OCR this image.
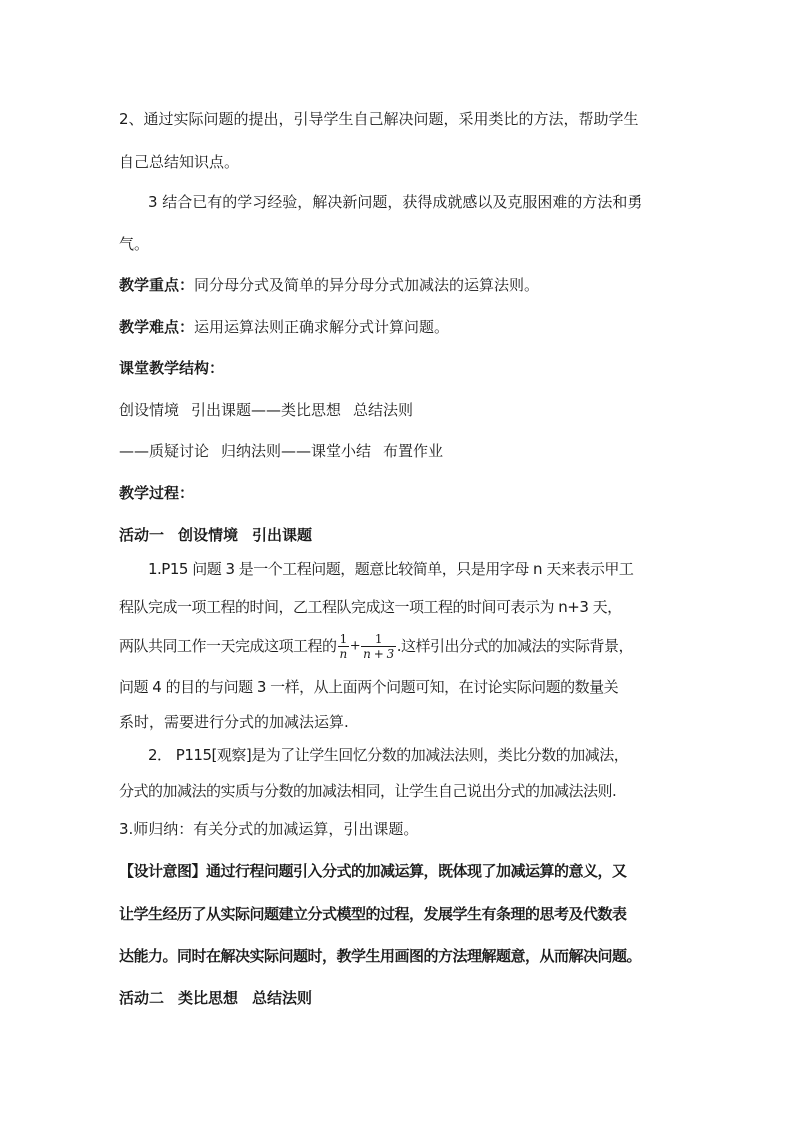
2、通过实际问题的提出，引导学生自己解决问题，采用类比的方法，帮助学生
自己总结知识点。
3 结合已有的学习经验，解决新问题，获得成就感以及克服困难的方法和勇
气。
教学重点：同分母分式及简单的异分母分式加减法的运算法则。
教学难点：运用运算法则正确求解分式计算问题。
课堂教学结构：
创设情境 引出课题——类比思想 总结法则
——质疑讨论 归纳法则——课堂小结 布置作业
教学过程：
活动一 创设情境 引出课题
1.P15 问题 3 是一个工程问题，题意比较简单，只是用字母 n 天来表示甲工
程队完成一项工程的时间，乙工程队完成这一项工程的时间可表示为 n+3 天，
两队共同工作一天完成这项工程的 $\frac{1}{n} + \frac{1}{n + 3}$ .这样引出分式的加减法的实际背景，
问题 4 的目的与问题 3 一样，从上面两个问题可知，在讨论实际问题的数量关
系时，需要进行分式的加减法运算.
2． P115[观察]是为了让学生回忆分数的加减法法则，类比分数的加减法，
分式的加减法的实质与分数的加减法相同，让学生自己说出分式的加减法法则.
3.师归纳：有关分式的加减运算，引出课题。
【设计意图】通过行程问题引入分式的加减运算，既体现了加减运算的意义，又
让学生经历了从实际问题建立分式模型的过程，发展学生有条理的思考及代数表
达能力。同时在解决实际问题时，教学生用画图的方法理解题意，从而解决问题。
活动二 类比思想 总结法则
